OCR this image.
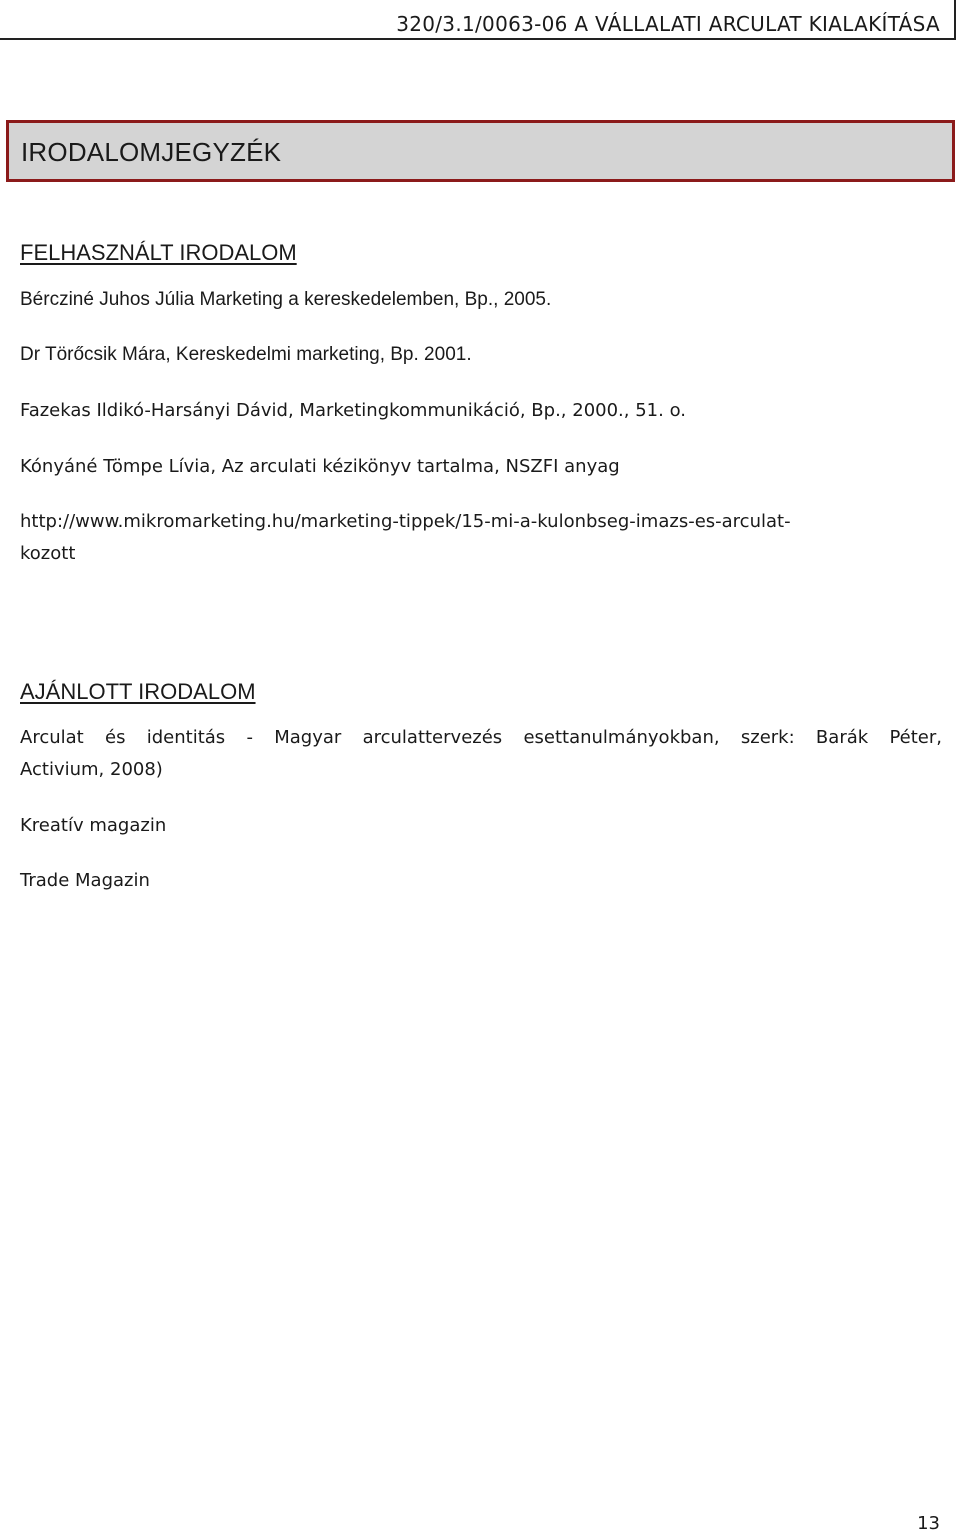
320/3.1/0063-06 A VÁLLALATI ARCULAT KIALAKÍTÁSA
IRODALOMJEGYZÉK
FELHASZNÁLT IRODALOM
Bércziné Juhos Júlia Marketing a kereskedelemben, Bp., 2005.
Dr Törőcsik Mára, Kereskedelmi marketing, Bp. 2001.
Fazekas Ildikó-Harsányi Dávid, Marketingkommunikáció, Bp., 2000., 51. o.
Kónyáné Tömpe Lívia, Az arculati kézikönyv tartalma, NSZFI anyag
http://www.mikromarketing.hu/marketing-tippek/15-mi-a-kulonbseg-imazs-es-arculat-
kozott
AJÁNLOTT IRODALOM
Arculat és identitás - Magyar arculattervezés esettanulmányokban, szerk: Barák Péter,
Activium, 2008)
Kreatív magazin
Trade Magazin
13
